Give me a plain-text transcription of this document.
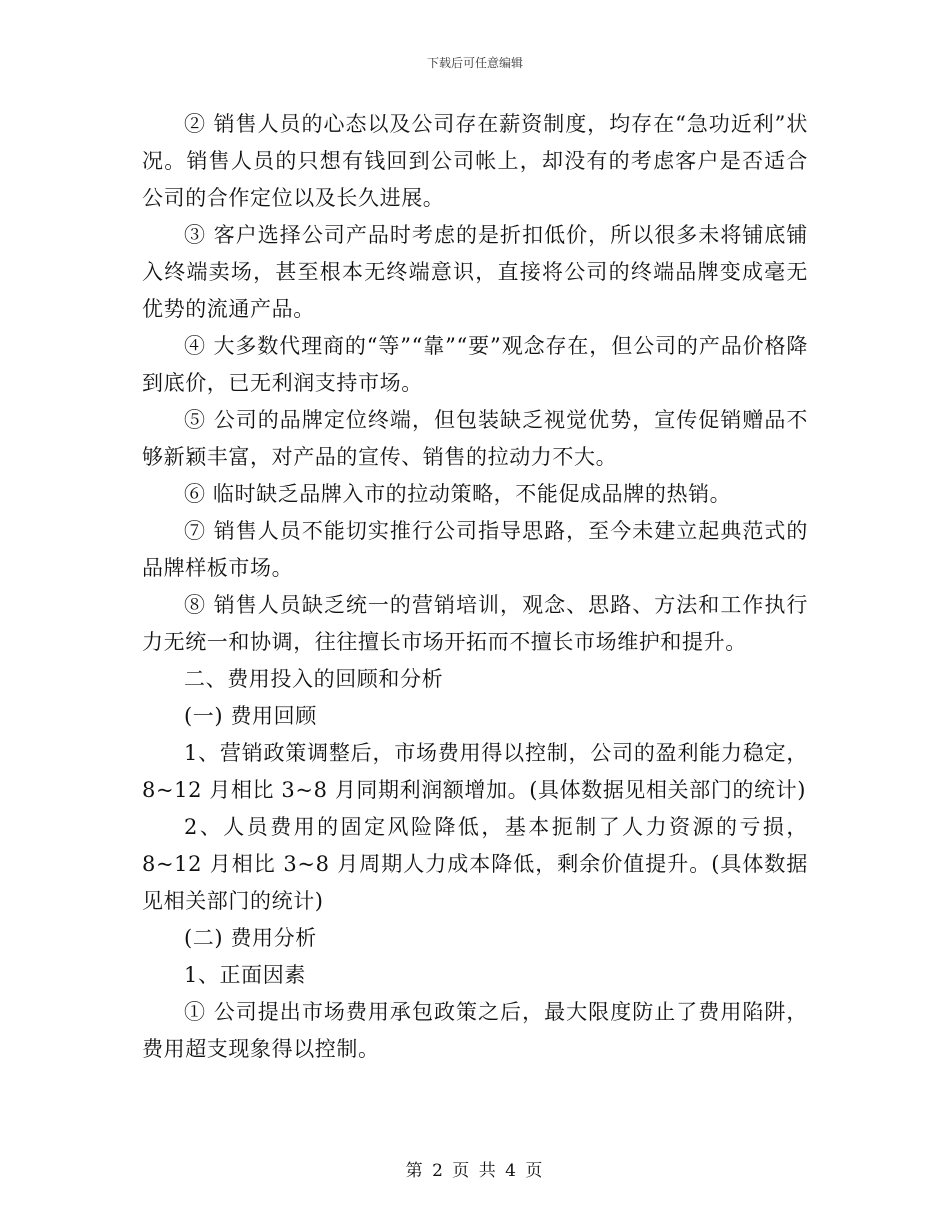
下载后可任意编辑

② 销售人员的心态以及公司存在薪资制度，均存在“急功近利”状况。销售人员的只想有钱回到公司帐上，却没有的考虑客户是否适合公司的合作定位以及长久进展。

③ 客户选择公司产品时考虑的是折扣低价，所以很多未将铺底铺入终端卖场，甚至根本无终端意识，直接将公司的终端品牌变成毫无优势的流通产品。

④ 大多数代理商的“等”“靠”“要”观念存在，但公司的产品价格降到底价，已无利润支持市场。

⑤ 公司的品牌定位终端，但包装缺乏视觉优势，宣传促销赠品不够新颖丰富，对产品的宣传、销售的拉动力不大。

⑥ 临时缺乏品牌入市的拉动策略，不能促成品牌的热销。

⑦ 销售人员不能切实推行公司指导思路，至今未建立起典范式的品牌样板市场。

⑧ 销售人员缺乏统一的营销培训，观念、思路、方法和工作执行力无统一和协调，往往擅长市场开拓而不擅长市场维护和提升。

二、费用投入的回顾和分析

(一) 费用回顾

1、营销政策调整后，市场费用得以控制，公司的盈利能力稳定，8~12 月相比 3~8 月同期利润额增加。(具体数据见相关部门的统计)

2、人员费用的固定风险降低，基本扼制了人力资源的亏损，8~12 月相比 3~8 月周期人力成本降低，剩余价值提升。(具体数据见相关部门的统计)

(二) 费用分析

1、正面因素

① 公司提出市场费用承包政策之后，最大限度防止了费用陷阱，费用超支现象得以控制。

第 2 页 共 4 页
